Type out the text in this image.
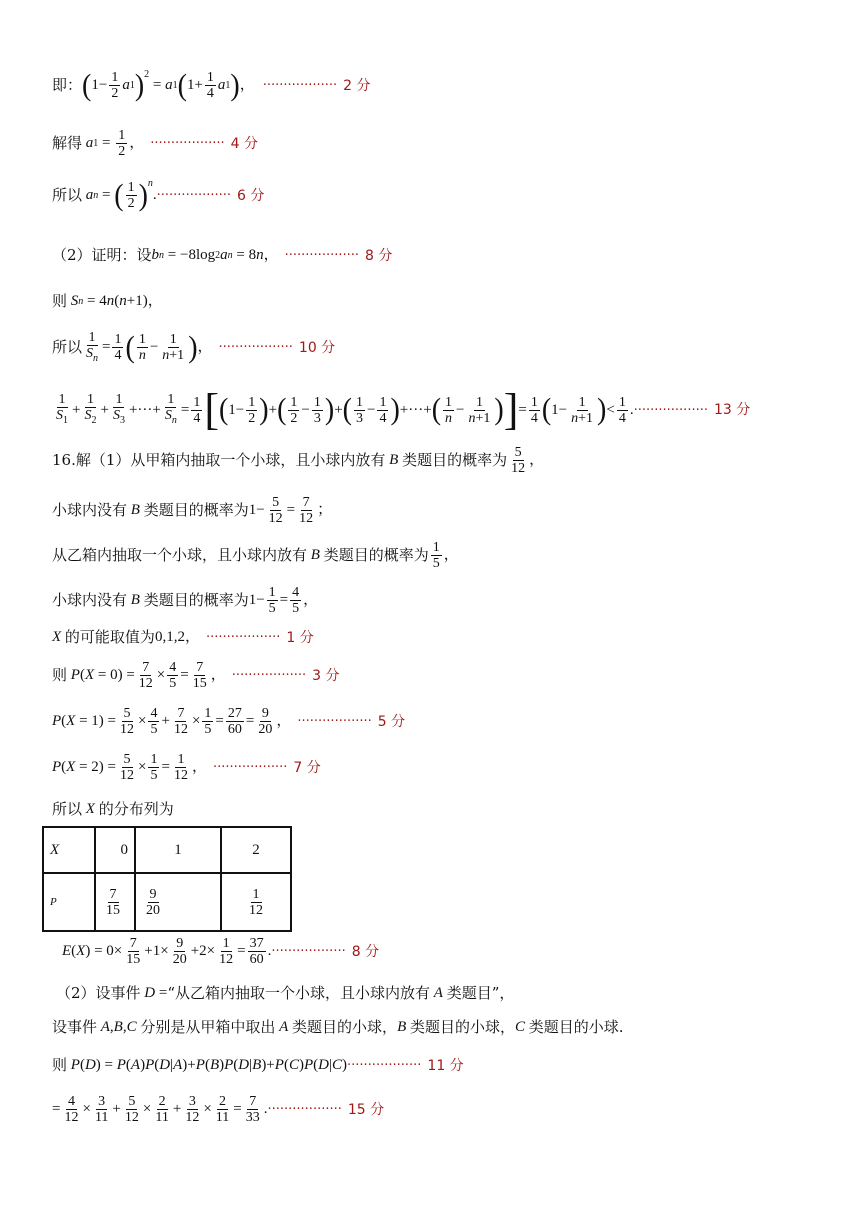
即： ( $1- \frac{1}{2}$ a 1 )$^2$
= a 1 ( $1+ \frac{1}{4}$ a 1 ) ， ·················· 2 分
解得 a $1 = \frac{1}{2}$ ， ·················· 4 分
所以 a n = ( $\frac{1}{2} )^n$
. ·················· 6 分
（2）证明：设 b n = −8log 2 a n = 8 n ， ·················· 8 分
则 S n = 4 n ( n +1)，
所以 $\frac{1}{S_n} = \frac{1}{4}$ ( $\frac{1}{n} - \frac{1}{n+1}$ ) ， ·················· 10 分
$\frac{1}{S_1} + \frac{1}{S_2} + \frac{1}{S_3}$ +···+ $\frac{1}{S_n} = \frac{1}{4}$ [ ( $1- \frac{1}{2}$ ) + ( $\frac{1}{2} - \frac{1}{3}$ ) + ( $\frac{1}{3} - \frac{1}{4}$ ) +···+ ( $\frac{1}{n} - \frac{1}{n+1}$ ) ] = $\frac{1}{4}$ ( $1- \frac{1}{n+1}$ ) < $\frac{1}{4}$ . ·················· 13 分
16.解（1）从甲箱内抽取一个小球，且小球内放有 B 类题目的概率为 $\frac{5}{12}$ ，
小球内没有 B 类题目的概率为 $1- \frac{5}{12} = \frac{7}{12}$ ；
从乙箱内抽取一个小球，且小球内放有 B 类题目的概率为 $\frac{1}{5}$ ，
小球内没有 B 类题目的概率为 $1- \frac{1}{5} = \frac{4}{5}$ ，
X 的可能取值为 0,1,2 ， ·················· 1 分
则 P ( $X = 0) = \frac{7}{12} \times \frac{4}{5} = \frac{7}{15}$ ， ·················· 3 分
P ( $X = 1) = \frac{5}{12} \times \frac{4}{5} + \frac{7}{12} \times \frac{1}{5} = \frac{27}{60} = \frac{9}{20}$ ， ·················· 5 分
P ( $X = 2) = \frac{5}{12} \times \frac{1}{5} = \frac{1}{12}$ ， ·················· 7 分
所以 X 的分布列为
X	0	1	2
P	$\frac{7}{15}$	$\frac{9}{20}$	$\frac{1}{12}$
E ( X ) = $0\times \frac{7}{15} +1\times \frac{9}{20} +2\times \frac{1}{12} = \frac{37}{60}$ . ·················· 8 分
（2）设事件 D = “从乙箱内抽取一个小球，且小球内放有 A 类题目”，
设事件 A,B,C 分别是从甲箱中取出 A 类题目的小球， B 类题目的小球， C 类题目的小球.
则 P ( D ) = P ( A ) P ( D | A )+ P ( B ) P ( D | B )+ P ( C ) P ( D | C ) ·················· 11 分
= $\frac{4}{12} \times \frac{3}{11} + \frac{5}{12} \times \frac{2}{11} + \frac{3}{12} \times \frac{2}{11} = \frac{7}{33}$ . ·················· 15 分
